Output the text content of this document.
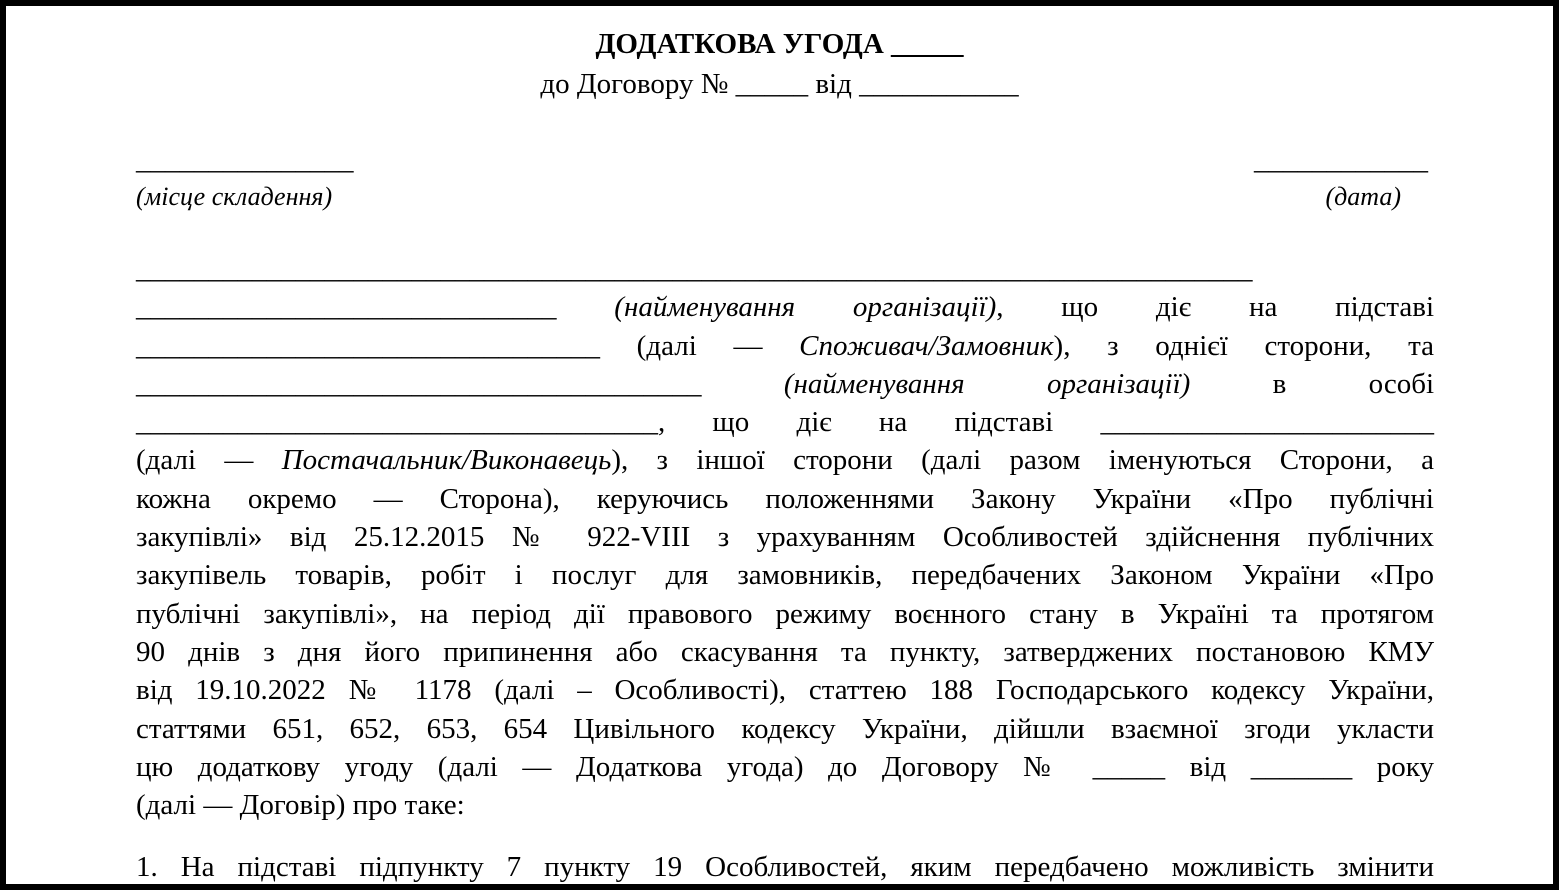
ДОДАТКОВА УГОДА _____

до Договору № _____ від ___________

_______________	____________
(місце складення)	(дата)
_____________________________________________________________________________
_____________________________ (найменування організації), що діє на підставі
________________________________ (далі — Споживач/Замовник), з однієї сторони, та
_______________________________________	(найменування організації) в особі
____________________________________, що діє на підставі _______________________
(далі — Постачальник/Виконавець), з іншої сторони (далі разом іменуються Сторони, а
кожна окремо — Сторона), керуючись положеннями Закону України «Про публічні
закупівлі» від 25.12.2015 № 922-VIII з урахуванням Особливостей здійснення публічних
закупівель товарів, робіт і послуг для замовників, передбачених Законом України «Про
публічні закупівлі», на період дії правового режиму воєнного стану в Україні та протягом
90 днів з дня його припинення або скасування та пункту, затверджених постановою КМУ
від 19.10.2022 № 1178 (далі – Особливості), статтею 188 Господарського кодексу України,
статтями 651, 652, 653, 654 Цивільного кодексу України, дійшли взаємної згоди укласти
цю додаткову угоду (далі — Додаткова угода) до Договору № _____ від _______ року
(далі — Договір) про таке:
1. На підставі підпункту 7 пункту 19 Особливостей, яким передбачено можливість змінити
